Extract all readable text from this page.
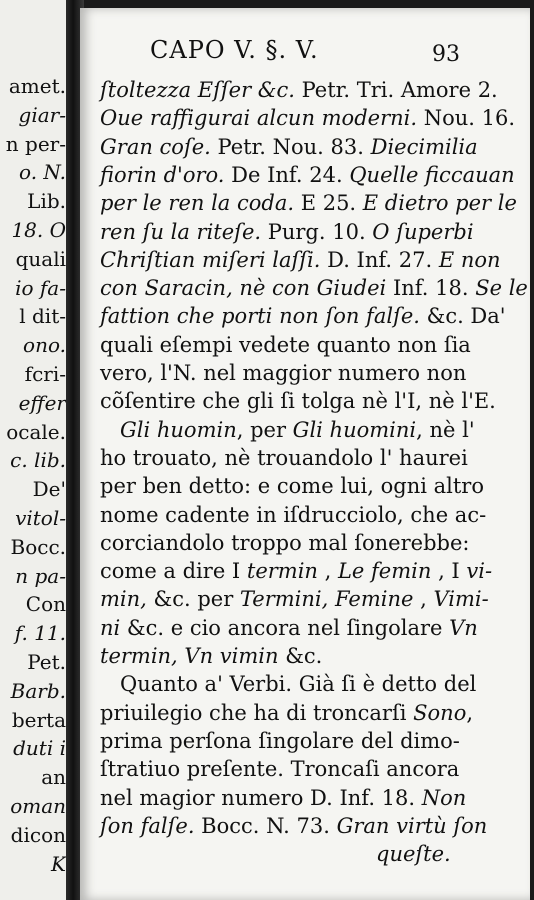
amet.
giar-
n per-
o. N.
Lib.
18. O
quali
io fa-
l dit-
ono.
fcri-
effer
ocale.
c. lib.
De'
vitol-
Bocc.
n pa-
Con
f. 11.
Pet.
Barb.
berta
duti i
an
oman
dicon
K
CAPO V. §. V.	93
ſtoltezza Eſſer &c. Petr. Tri. Amore 2.
Oue raffigurai alcun moderni. Nou. 16.
Gran coſe. Petr. Nou. 83. Diecimilia
fiorin d'oro. De Inf. 24. Quelle ficcauan
per le ren la coda. E 25. E dietro per le
ren ſu la riteſe. Purg. 10. O ſuperbi
Chriſtian miſeri laſſi. D. Inf. 27. E non
con Saracin, nè con Giudei Inf. 18. Se le
fattion che porti non ſon falſe. &c. Da'
quali eſempi vedete quanto non ſia
vero, l'N. nel maggior numero non
cõſentire che gli ſi tolga nè l'I, nè l'E.
Gli huomin, per Gli huomini, nè l'
ho trouato, nè trouandolo l' haurei
per ben detto: e come lui, ogni altro
nome cadente in iſdrucciolo, che ac-
corciandolo troppo mal ſonerebbe:
come a dire I termin , Le femin , I vi-
min, &c. per Termini, Femine , Vimi-
ni &c. e cio ancora nel ſingolare Vn
termin, Vn vimin &c.
Quanto a' Verbi. Già ſi è detto del
priuilegio che ha di troncarſi Sono,
prima perſona ſingolare del dimo-
ſtratiuo preſente. Troncaſi ancora
nel magior numero D. Inf. 18. Non
ſon falſe. Bocc. N. 73. Gran virtù ſon
queſte.
